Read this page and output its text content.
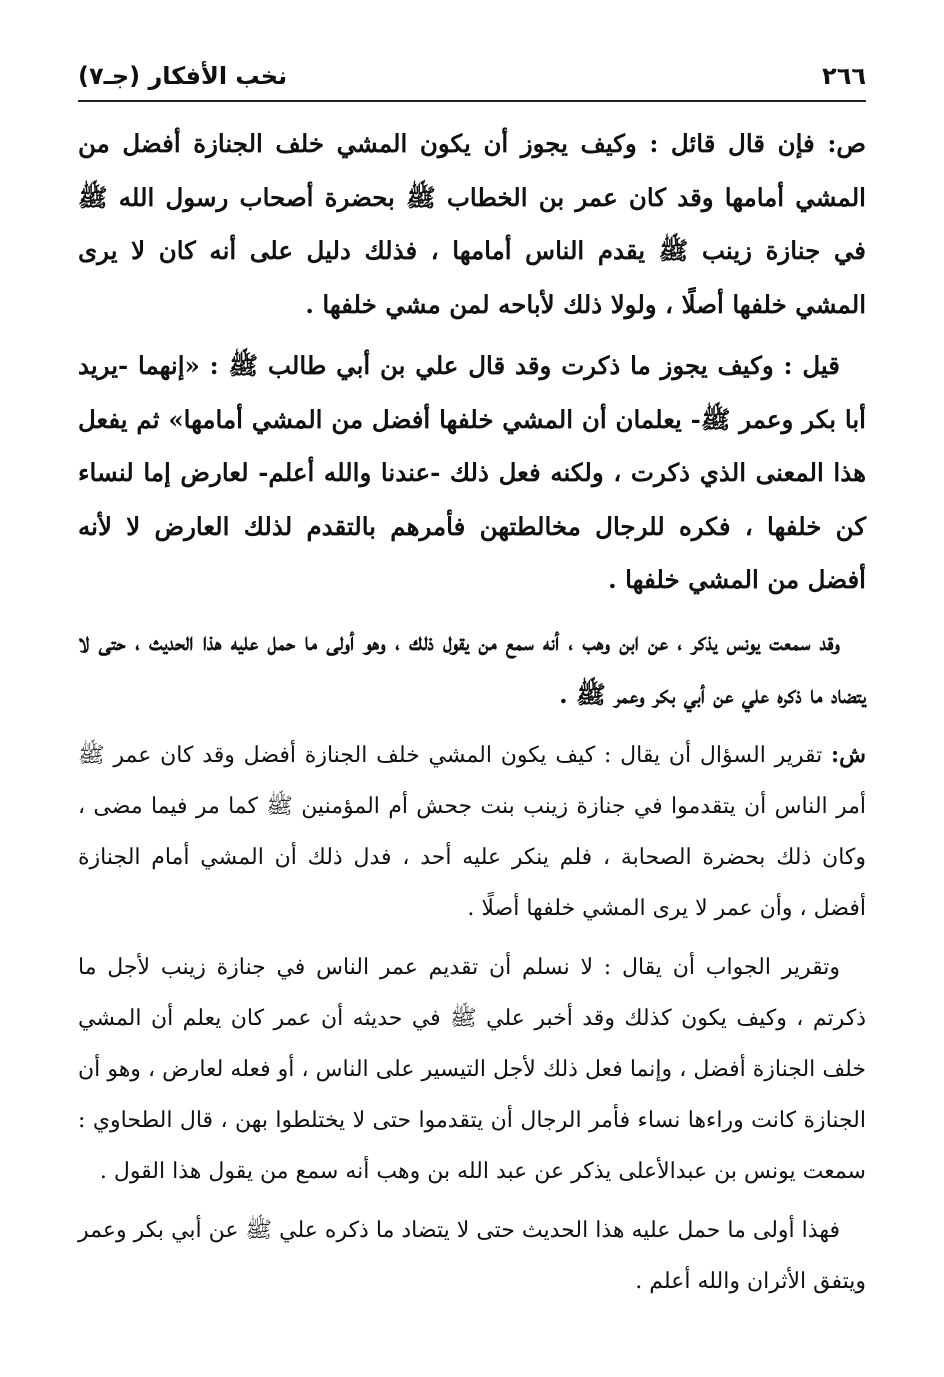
٢٦٦
نخب الأفكار (جـ٧)

ص: فإن قال قائل : وكيف يجوز أن يكون المشي خلف الجنازة أفضل من المشي أمامها وقد كان عمر بن الخطاب ﷺ بحضرة أصحاب رسول الله ﷺ في جنازة زينب ﷺ يقدم الناس أمامها ، فذلك دليل على أنه كان لا يرى المشي خلفها أصلًا ، ولولا ذلك لأباحه لمن مشي خلفها .

قيل : وكيف يجوز ما ذكرت وقد قال علي بن أبي طالب ﷺ : «إنهما -يريد أبا بكر وعمر ﷺ- يعلمان أن المشي خلفها أفضل من المشي أمامها» ثم يفعل هذا المعنى الذي ذكرت ، ولكنه فعل ذلك -عندنا والله أعلم- لعارض إما لنساء كن خلفها ، فكره للرجال مخالطتهن فأمرهم بالتقدم لذلك العارض لا لأنه أفضل من المشي خلفها .

وقد سمعت يونس يذكر ، عن ابن وهب ، أنه سمع من يقول ذلك ، وهو أولى ما حمل عليه هذا الحديث ، حتى لا يتضاد ما ذكره علي عن أبي بكر وعمر ﷺ .

ش: تقرير السؤال أن يقال : كيف يكون المشي خلف الجنازة أفضل وقد كان عمر ﷺ أمر الناس أن يتقدموا في جنازة زينب بنت جحش أم المؤمنين ﷺ كما مر فيما مضى ، وكان ذلك بحضرة الصحابة ، فلم ينكر عليه أحد ، فدل ذلك أن المشي أمام الجنازة أفضل ، وأن عمر لا يرى المشي خلفها أصلًا .

وتقرير الجواب أن يقال : لا نسلم أن تقديم عمر الناس في جنازة زينب لأجل ما ذكرتم ، وكيف يكون كذلك وقد أخبر علي ﷺ في حديثه أن عمر كان يعلم أن المشي خلف الجنازة أفضل ، وإنما فعل ذلك لأجل التيسير على الناس ، أو فعله لعارض ، وهو أن الجنازة كانت وراءها نساء فأمر الرجال أن يتقدموا حتى لا يختلطوا بهن ، قال الطحاوي : سمعت يونس بن عبدالأعلى يذكر عن عبد الله بن وهب أنه سمع من يقول هذا القول .

فهذا أولى ما حمل عليه هذا الحديث حتى لا يتضاد ما ذكره علي ﷺ عن أبي بكر وعمر ويتفق الأثران والله أعلم .
